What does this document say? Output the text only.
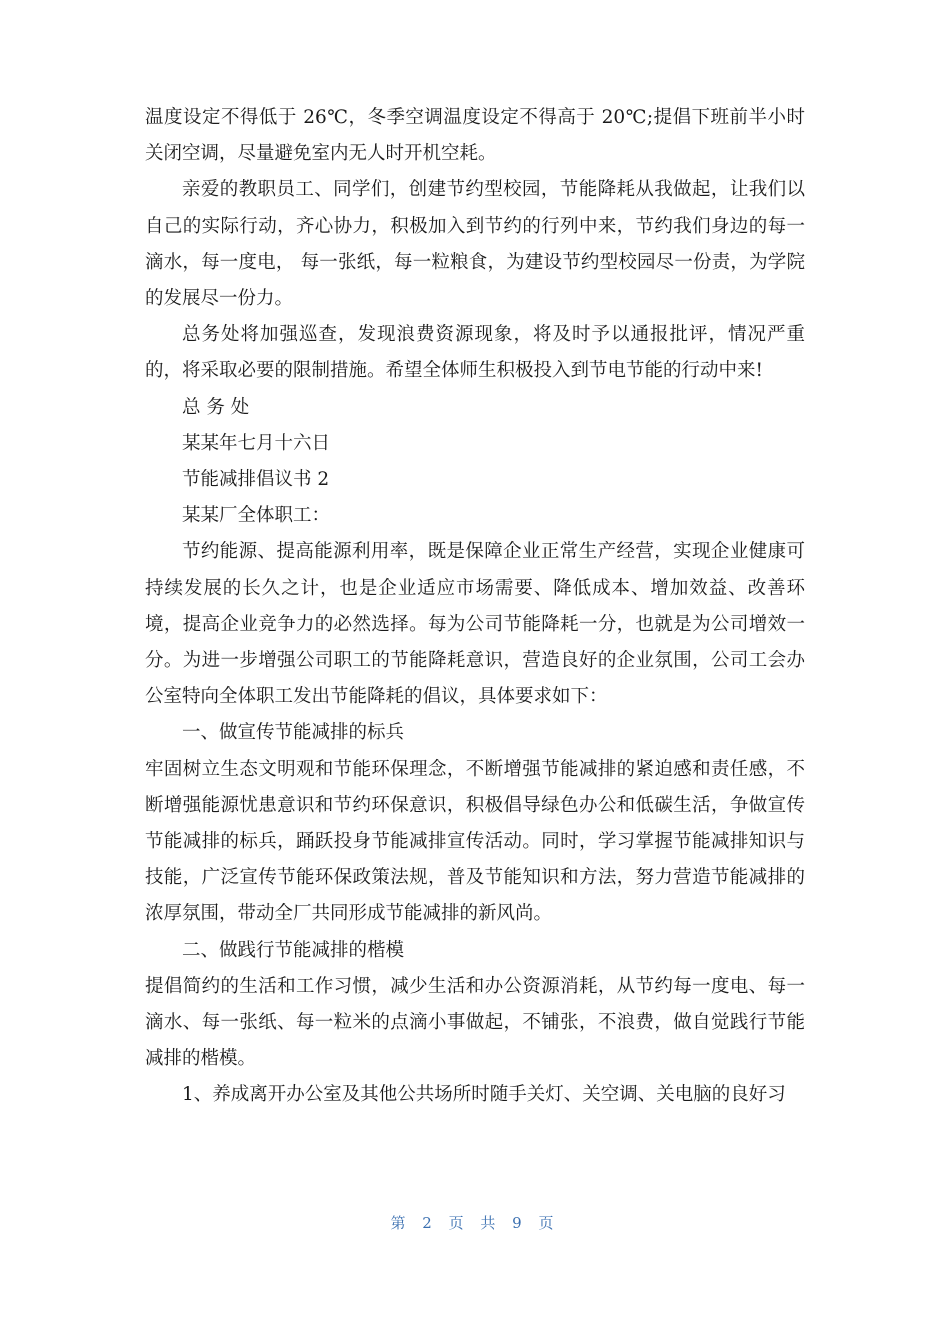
温度设定不得低于 26℃，冬季空调温度设定不得高于 20℃;提倡下班前半小时关闭空调，尽量避免室内无人时开机空耗。

亲爱的教职员工、同学们，创建节约型校园，节能降耗从我做起，让我们以自己的实际行动，齐心协力，积极加入到节约的行列中来，节约我们身边的每一滴水，每一度电， 每一张纸，每一粒粮食，为建设节约型校园尽一份责，为学院的发展尽一份力。

总务处将加强巡查，发现浪费资源现象，将及时予以通报批评，情况严重的，将采取必要的限制措施。希望全体师生积极投入到节电节能的行动中来!

总 务 处

某某年七月十六日

节能减排倡议书 2

某某厂全体职工：

节约能源、提高能源利用率，既是保障企业正常生产经营，实现企业健康可持续发展的长久之计，也是企业适应市场需要、降低成本、增加效益、改善环境，提高企业竞争力的必然选择。每为公司节能降耗一分，也就是为公司增效一分。为进一步增强公司职工的节能降耗意识，营造良好的企业氛围，公司工会办公室特向全体职工发出节能降耗的倡议，具体要求如下：

一、做宣传节能减排的标兵

牢固树立生态文明观和节能环保理念，不断增强节能减排的紧迫感和责任感，不断增强能源忧患意识和节约环保意识，积极倡导绿色办公和低碳生活，争做宣传节能减排的标兵，踊跃投身节能减排宣传活动。同时，学习掌握节能减排知识与技能，广泛宣传节能环保政策法规，普及节能知识和方法，努力营造节能减排的浓厚氛围，带动全厂共同形成节能减排的新风尚。

二、做践行节能减排的楷模

提倡简约的生活和工作习惯，减少生活和办公资源消耗，从节约每一度电、每一滴水、每一张纸、每一粒米的点滴小事做起，不铺张，不浪费，做自觉践行节能减排的楷模。

1、养成离开办公室及其他公共场所时随手关灯、关空调、关电脑的良好习

第 2 页 共 9 页
